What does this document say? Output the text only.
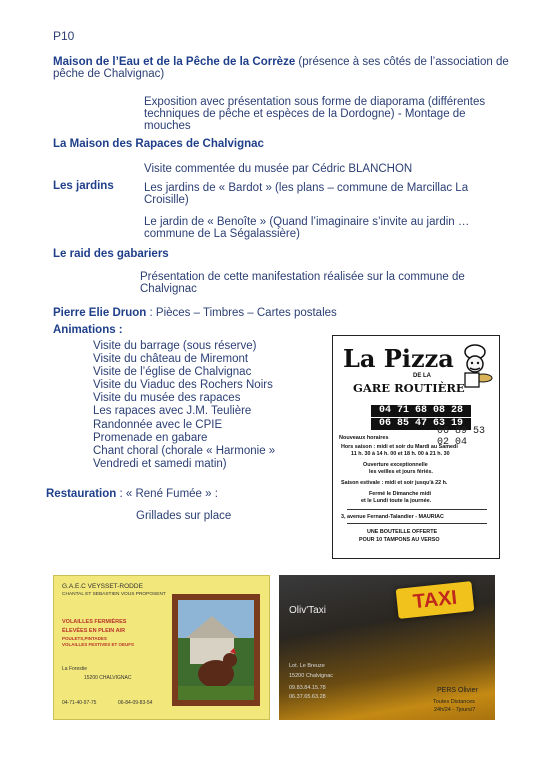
P10
Maison de l’Eau et de la Pêche de la Corrèze (présence à ses côtés de l’association de
pêche de Chalvignac)
Exposition avec présentation sous forme de diaporama (différentes
techniques de pêche et espèces de la Dordogne) - Montage de
mouches
La Maison des Rapaces de Chalvignac
Visite commentée du musée par Cédric BLANCHON
Les jardins	Les jardins de « Bardot » (les plans – commune de Marcillac La
Croisille)
Le jardin de « Benoîte » (Quand l’imaginaire s’invite au jardin …
commune de La Ségalassière)
Le raid des gabariers
Présentation de cette manifestation réalisée sur la commune de
Chalvignac
Pierre Elie Druon : Pièces – Timbres – Cartes postales
Animations :
Visite du barrage (sous réserve)
Visite du château de Miremont
Visite de l’église de Chalvignac
Visite du Viaduc des Rochers Noirs
Visite du musée des rapaces
Les rapaces avec J.M. Teulière
Randonnée avec le CPIE
Promenade en gabare
Chant choral (chorale « Harmonie »
Vendredi et samedi matin)
Restauration : « René Fumée » :
Grillades sur place
La Pizza
DE LA
GARE ROUTIÈRE
04 71 68 08 28
06 85 47 63 19
06 89 53 02 04
Nouveaux horaires
Hors saison : midi et soir du Mardi au Samedi
11 h. 30 à 14 h. 00 et 18 h. 00 à 21 h. 30
Ouverture exceptionnelle
les veilles et jours fériés.
Saison estivale : midi et soir jusqu'à 22 h.
Fermé le Dimanche midi
et le Lundi toute la journée.
3, avenue Fernand-Talandier - MAURIAC
UNE BOUTEILLE OFFERTE
POUR 10 TAMPONS AU VERSO
G.A.E.C VEYSSET-RODDE
CHANTAL ET SEBASTIEN VOUS PROPOSENT
VOLAILLES FERMIÈRES
ÉLEVÉES EN PLEIN AIR
POULETS,PINTADES
VOLAILLES FESTIVES ET OEUFS
La Forestie
15200 CHALVIGNAC
04-71-40-97-75	06-84-09-83-54
Oliv'Taxi	TAXI
Lot. Le Breuze
15200 Chalvignac
09.83.84.15.78
06.37.65.63.28
PERS Olivier
Toutes Distances
24h/24 - 7jours/7
